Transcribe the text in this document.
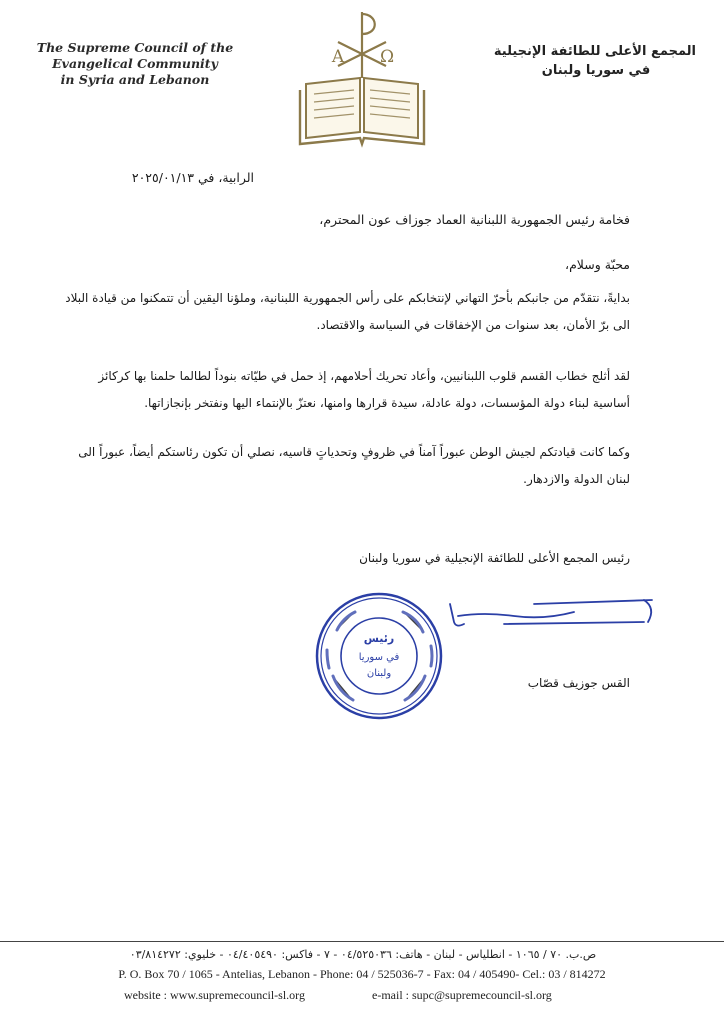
The Supreme Council of the
Evangelical Community
in Syria and Lebanon
Α Ω	المجمع الأعلى للطائفة الإنجيلية
في سوريا ولبنان
الرابية، في ٢٠٢٥/٠١/١٣
فخامة رئيس الجمهورية اللبنانية العماد جوزاف عون المحترم،
محبّة وسلام،
بدايةً، نتقدّم من جانبكم بأحرّ التهاني لإنتخابكم على رأس الجمهورية اللبنانية، وملؤنا اليقين أن تتمكنوا من قيادة البلاد الى برّ الأمان، بعد سنوات من الإخفاقات في السياسة والاقتصاد.
لقد أثلج خطاب القسم قلوب اللبنانيين، وأعاد تحريك أحلامهم، إذ حمل في طيّاته بنوداً لطالما حلمنا بها كركائز أساسية لبناء دولة المؤسسات، دولة عادلة، سيدة قرارها وامنها، نعتزّ بالإنتماء اليها ونفتخر بإنجازاتها.
وكما كانت قيادتكم لجيش الوطن عبوراً آمناً في ظروفٍ وتحدياتٍ قاسيه، نصلي أن تكون رئاستكم أيضاً، عبوراً الى لبنان الدولة والازدهار.
رئيس المجمع الأعلى للطائفة الإنجيلية في سوريا ولبنان
رئيس
في سوريا
ولبنان
القس جوزيف قصّاب
ص.ب. ٧٠ / ١٠٦٥ - انطلياس - لبنان - هاتف: ٠٤/٥٢٥٠٣٦ - ٧ - فاكس: ٠٤/٤٠٥٤٩٠ - خليوي: ٠٣/٨١٤٢٧٢
P. O. Box 70 / 1065 - Antelias, Lebanon - Phone: 04 / 525036-7 - Fax: 04 / 405490- Cel.: 03 / 814272
website : www.supremecouncil-sl.org	e-mail : supc@supremecouncil-sl.org
